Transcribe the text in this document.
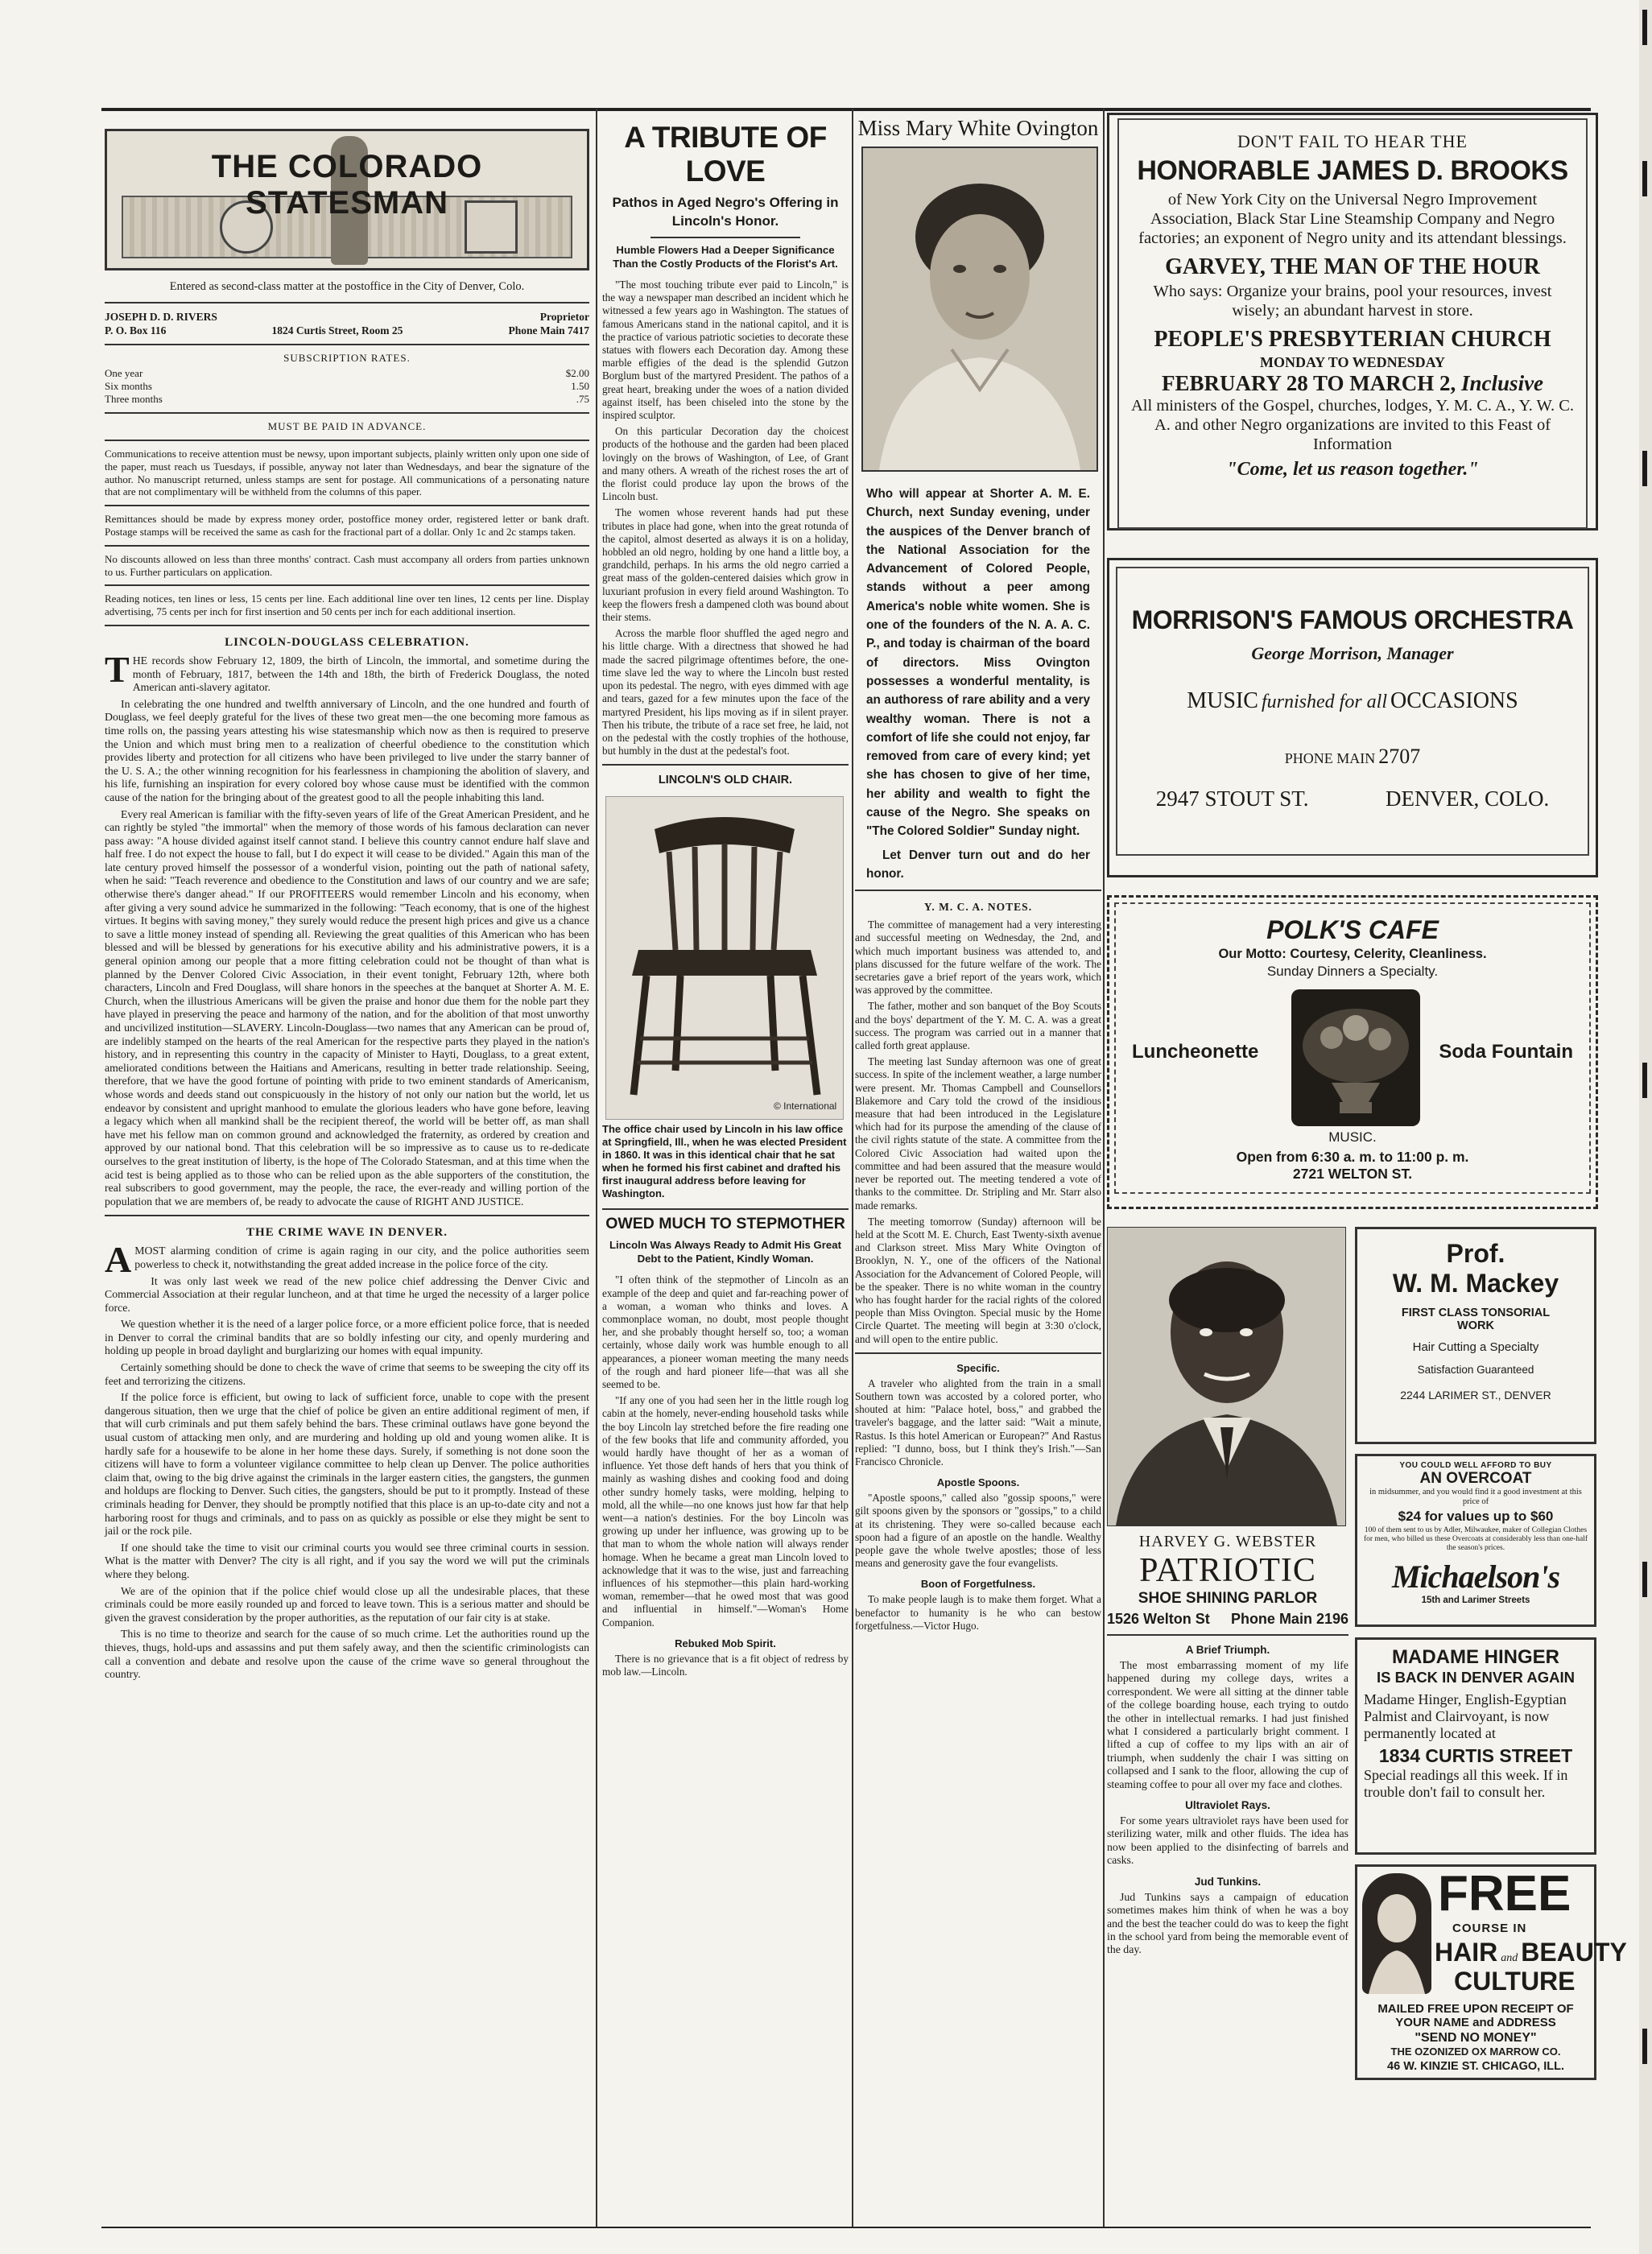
THE COLORADO STATESMAN
Entered as second-class matter at the postoffice in the City of Denver, Colo.
JOSEPH D. D. RIVERS	Proprietor
P. O. Box 116	1824 Curtis Street, Room 25	Phone Main 7417
SUBSCRIPTION RATES.
One year	$2.00
Six months	1.50
Three months	.75
MUST BE PAID IN ADVANCE.

Communications to receive attention must be newsy, upon important subjects, plainly written only upon one side of the paper, must reach us Tuesdays, if possible, anyway not later than Wednesdays, and bear the signature of the author. No manuscript returned, unless stamps are sent for postage. All communications of a personating nature that are not complimentary will be withheld from the columns of this paper.

Remittances should be made by express money order, postoffice money order, registered letter or bank draft. Postage stamps will be received the same as cash for the fractional part of a dollar. Only 1c and 2c stamps taken.

No discounts allowed on less than three months' contract. Cash must accompany all orders from parties unknown to us. Further particulars on application.

Reading notices, ten lines or less, 15 cents per line. Each additional line over ten lines, 12 cents per line. Display advertising, 75 cents per inch for first insertion and 50 cents per inch for each additional insertion.

LINCOLN-DOUGLASS CELEBRATION.

THE records show February 12, 1809, the birth of Lincoln, the immortal, and sometime during the month of February, 1817, between the 14th and 18th, the birth of Frederick Douglass, the noted American anti-slavery agitator.

In celebrating the one hundred and twelfth anniversary of Lincoln, and the one hundred and fourth of Douglass, we feel deeply grateful for the lives of these two great men—the one becoming more famous as time rolls on, the passing years attesting his wise statesmanship which now as then is required to preserve the Union and which must bring men to a realization of cheerful obedience to the constitution which provides liberty and protection for all citizens who have been privileged to live under the starry banner of the U. S. A.; the other winning recognition for his fearlessness in championing the abolition of slavery, and his life, furnishing an inspiration for every colored boy whose cause must be identified with the common cause of the nation for the bringing about of the greatest good to all the people inhabiting this land.

Every real American is familiar with the fifty-seven years of life of the Great American President, and he can rightly be styled "the immortal" when the memory of those words of his famous declaration can never pass away: "A house divided against itself cannot stand. I believe this country cannot endure half slave and half free. I do not expect the house to fall, but I do expect it will cease to be divided." Again this man of the late century proved himself the possessor of a wonderful vision, pointing out the path of national safety, when he said: "Teach reverence and obedience to the Constitution and laws of our country and we are safe; otherwise there's danger ahead." If our PROFITEERS would remember Lincoln and his economy, when after giving a very sound advice he summarized in the following: "Teach economy, that is one of the highest virtues. It begins with saving money," they surely would reduce the present high prices and give us a chance to save a little money instead of spending all. Reviewing the great qualities of this American who has been blessed and will be blessed by generations for his executive ability and his administrative powers, it is a general opinion among our people that a more fitting celebration could not be thought of than what is planned by the Denver Colored Civic Association, in their event tonight, February 12th, where both characters, Lincoln and Fred Douglass, will share honors in the speeches at the banquet at Shorter A. M. E. Church, when the illustrious Americans will be given the praise and honor due them for the noble part they have played in preserving the peace and harmony of the nation, and for the abolition of that most unworthy and uncivilized institution—SLAVERY. Lincoln-Douglass—two names that any American can be proud of, are indelibly stamped on the hearts of the real American for the respective parts they played in the nation's history, and in representing this country in the capacity of Minister to Hayti, Douglass, to a great extent, ameliorated conditions between the Haitians and Americans, resulting in better trade relationship. Seeing, therefore, that we have the good fortune of pointing with pride to two eminent standards of Americanism, whose words and deeds stand out conspicuously in the history of not only our nation but the world, let us endeavor by consistent and upright manhood to emulate the glorious leaders who have gone before, leaving a legacy which when all mankind shall be the recipient thereof, the world will be better off, as man shall have met his fellow man on common ground and acknowledged the fraternity, as ordered by creation and approved by our national bond. That this celebration will be so impressive as to cause us to re-dedicate ourselves to the great institution of liberty, is the hope of The Colorado Statesman, and at this time when the acid test is being applied as to those who can be relied upon as the able supporters of the constitution, the real subscribers to good government, may the people, the race, the ever-ready and willing portion of the population that we are members of, be ready to advocate the cause of RIGHT AND JUSTICE.

THE CRIME WAVE IN DENVER.

AMOST alarming condition of crime is again raging in our city, and the police authorities seem powerless to check it, notwithstanding the great added increase in the police force of the city.

It was only last week we read of the new police chief addressing the Denver Civic and Commercial Association at their regular luncheon, and at that time he urged the necessity of a larger police force.

We question whether it is the need of a larger police force, or a more efficient police force, that is needed in Denver to corral the criminal bandits that are so boldly infesting our city, and openly murdering and holding up people in broad daylight and burglarizing our homes with equal impunity.

Certainly something should be done to check the wave of crime that seems to be sweeping the city off its feet and terrorizing the citizens.

If the police force is efficient, but owing to lack of sufficient force, unable to cope with the present dangerous situation, then we urge that the chief of police be given an entire additional regiment of men, if that will curb criminals and put them safely behind the bars. These criminal outlaws have gone beyond the usual custom of attacking men only, and are murdering and holding up old and young women alike. It is hardly safe for a housewife to be alone in her home these days. Surely, if something is not done soon the citizens will have to form a volunteer vigilance committee to help clean up Denver. The police authorities claim that, owing to the big drive against the criminals in the larger eastern cities, the gangsters, the gunmen and holdups are flocking to Denver. Such cities, the gangsters, should be put to it promptly. Instead of these criminals heading for Denver, they should be promptly notified that this place is an up-to-date city and not a harboring roost for thugs and criminals, and to pass on as quickly as possible or else they might be sent to jail or the rock pile.

If one should take the time to visit our criminal courts you would see three criminal courts in session. What is the matter with Denver? The city is all right, and if you say the word we will put the criminals where they belong.

We are of the opinion that if the police chief would close up all the undesirable places, that these criminals could be more easily rounded up and forced to leave town. This is a serious matter and should be given the gravest consideration by the proper authorities, as the reputation of our fair city is at stake.

This is no time to theorize and search for the cause of so much crime. Let the authorities round up the thieves, thugs, hold-ups and assassins and put them safely away, and then the scientific criminologists can call a convention and debate and resolve upon the cause of the crime wave so general throughout the country.

A TRIBUTE OF LOVE
Pathos in Aged Negro's Offering in Lincoln's Honor.
Humble Flowers Had a Deeper Significance Than the Costly Products of the Florist's Art.

"The most touching tribute ever paid to Lincoln," is the way a newspaper man described an incident which he witnessed a few years ago in Washington. The statues of famous Americans stand in the national capitol, and it is the practice of various patriotic societies to decorate these statues with flowers each Decoration day. Among these marble effigies of the dead is the splendid Gutzon Borglum bust of the martyred President. The pathos of a great heart, breaking under the woes of a nation divided against itself, has been chiseled into the stone by the inspired sculptor.

On this particular Decoration day the choicest products of the hothouse and the garden had been placed lovingly on the brows of Washington, of Lee, of Grant and many others. A wreath of the richest roses the art of the florist could produce lay upon the brows of the Lincoln bust.

The women whose reverent hands had put these tributes in place had gone, when into the great rotunda of the capitol, almost deserted as always it is on a holiday, hobbled an old negro, holding by one hand a little boy, a grandchild, perhaps. In his arms the old negro carried a great mass of the golden-centered daisies which grow in luxuriant profusion in every field around Washington. To keep the flowers fresh a dampened cloth was bound about their stems.

Across the marble floor shuffled the aged negro and his little charge. With a directness that showed he had made the sacred pilgrimage oftentimes before, the one-time slave led the way to where the Lincoln bust rested upon its pedestal. The negro, with eyes dimmed with age and tears, gazed for a few minutes upon the face of the martyred President, his lips moving as if in silent prayer. Then his tribute, the tribute of a race set free, he laid, not on the pedestal with the costly trophies of the hothouse, but humbly in the dust at the pedestal's foot.

LINCOLN'S OLD CHAIR.
© International
The office chair used by Lincoln in his law office at Springfield, Ill., when he was elected President in 1860. It was in this identical chair that he sat when he formed his first cabinet and drafted his first inaugural address before leaving for Washington.
OWED MUCH TO STEPMOTHER
Lincoln Was Always Ready to Admit His Great Debt to the Patient, Kindly Woman.

"I often think of the stepmother of Lincoln as an example of the deep and quiet and far-reaching power of a woman, a woman who thinks and loves. A commonplace woman, no doubt, most people thought her, and she probably thought herself so, too; a woman certainly, whose daily work was humble enough to all appearances, a pioneer woman meeting the many needs of the rough and hard pioneer life—that was all she seemed to be.

"If any one of you had seen her in the little rough log cabin at the homely, never-ending household tasks while the boy Lincoln lay stretched before the fire reading one of the few books that life and community afforded, you would hardly have thought of her as a woman of influence. Yet those deft hands of hers that you think of mainly as washing dishes and cooking food and doing other sundry homely tasks, were molding, helping to mold, all the while—no one knows just how far that help went—a nation's destinies. For the boy Lincoln was growing up under her influence, was growing up to be that man to whom the whole nation will always render homage. When he became a great man Lincoln loved to acknowledge that it was to the wise, just and farreaching influences of his stepmother—this plain hard-working woman, remember—that he owed most that was good and influential in himself."—Woman's Home Companion.

Rebuked Mob Spirit.

There is no grievance that is a fit object of redress by mob law.—Lincoln.

Miss Mary White Ovington
Who will appear at Shorter A. M. E. Church, next Sunday evening, under the auspices of the Denver branch of the National Association for the Advancement of Colored People, stands without a peer among America's noble white women. She is one of the founders of the N. A. A. C. P., and today is chairman of the board of directors. Miss Ovington possesses a wonderful mentality, is an authoress of rare ability and a very wealthy woman. There is not a comfort of life she could not enjoy, far removed from care of every kind; yet she has chosen to give of her time, her ability and wealth to fight the cause of the Negro. She speaks on "The Colored Soldier" Sunday night.
Let Denver turn out and do her honor.
Y. M. C. A. NOTES.

The committee of management had a very interesting and successful meeting on Wednesday, the 2nd, and which much important business was attended to, and plans discussed for the future welfare of the work. The secretaries gave a brief report of the years work, which was approved by the committee.

The father, mother and son banquet of the Boy Scouts and the boys' department of the Y. M. C. A. was a great success. The program was carried out in a manner that called forth great applause.

The meeting last Sunday afternoon was one of great success. In spite of the inclement weather, a large number were present. Mr. Thomas Campbell and Counsellors Blakemore and Cary told the crowd of the insidious measure that had been introduced in the Legislature which had for its purpose the amending of the clause of the civil rights statute of the state. A committee from the Colored Civic Association had waited upon the committee and had been assured that the measure would never be reported out. The meeting tendered a vote of thanks to the committee. Dr. Stripling and Mr. Starr also made remarks.

The meeting tomorrow (Sunday) afternoon will be held at the Scott M. E. Church, East Twenty-sixth avenue and Clarkson street. Miss Mary White Ovington of Brooklyn, N. Y., one of the officers of the National Association for the Advancement of Colored People, will be the speaker. There is no white woman in the country who has fought harder for the racial rights of the colored people than Miss Ovington. Special music by the Home Circle Quartet. The meeting will begin at 3:30 o'clock, and will open to the entire public.

Specific.

A traveler who alighted from the train in a small Southern town was accosted by a colored porter, who shouted at him: "Palace hotel, boss," and grabbed the traveler's baggage, and the latter said: "Wait a minute, Rastus. Is this hotel American or European?" And Rastus replied: "I dunno, boss, but I think they's Irish."—San Francisco Chronicle.

Apostle Spoons.

"Apostle spoons," called also "gossip spoons," were gilt spoons given by the sponsors or "gossips," to a child at its christening. They were so-called because each spoon had a figure of an apostle on the handle. Wealthy people gave the whole twelve apostles; those of less means and generosity gave the four evangelists.

Boon of Forgetfulness.

To make people laugh is to make them forget. What a benefactor to humanity is he who can bestow forgetfulness.—Victor Hugo.

DON'T FAIL TO HEAR THE
HONORABLE JAMES D. BROOKS
of New York City on the Universal Negro Improvement Association, Black Star Line Steamship Company and Negro factories; an exponent of Negro unity and its attendant blessings.
GARVEY, THE MAN OF THE HOUR
Who says: Organize your brains, pool your resources, invest wisely; an abundant harvest in store.
PEOPLE'S PRESBYTERIAN CHURCH
MONDAY TO WEDNESDAY
FEBRUARY 28 TO MARCH 2, Inclusive
All ministers of the Gospel, churches, lodges, Y. M. C. A., Y. W. C. A. and other Negro organizations are invited to this Feast of Information
"Come, let us reason together."
MORRISON'S FAMOUS ORCHESTRA
George Morrison, Manager
MUSIC furnished for all OCCASIONS
PHONE MAIN 2707
2947 STOUT ST.	DENVER, COLO.
POLK'S CAFE
Our Motto: Courtesy, Celerity, Cleanliness.
Sunday Dinners a Specialty.
Luncheonette	Soda Fountain
MUSIC.
Open from 6:30 a. m. to 11:00 p. m.
2721 WELTON ST.
HARVEY G. WEBSTER
PATRIOTIC
SHOE SHINING PARLOR
1526 Welton St Phone Main 2196
A Brief Triumph.

The most embarrassing moment of my life happened during my college days, writes a correspondent. We were all sitting at the dinner table of the college boarding house, each trying to outdo the other in intellectual remarks. I had just finished what I considered a particularly bright comment. I lifted a cup of coffee to my lips with an air of triumph, when suddenly the chair I was sitting on collapsed and I sank to the floor, allowing the cup of steaming coffee to pour all over my face and clothes.

Ultraviolet Rays.

For some years ultraviolet rays have been used for sterilizing water, milk and other fluids. The idea has now been applied to the disinfecting of barrels and casks.

Jud Tunkins.

Jud Tunkins says a campaign of education sometimes makes him think of when he was a boy and the best the teacher could do was to keep the fight in the school yard from being the memorable event of the day.

Prof.
W. M. Mackey
FIRST CLASS TONSORIAL
WORK
Hair Cutting a Specialty
Satisfaction Guaranteed
2244 LARIMER ST., DENVER
YOU COULD WELL AFFORD TO BUY
AN OVERCOAT
in midsummer, and you would find it a good investment at this price of
$24 for values up to $60
100 of them sent to us by Adler, Milwaukee, maker of Collegian Clothes for men, who billed us these Overcoats at considerably less than one-half the season's prices.
Michaelson's
15th and Larimer Streets
MADAME HINGER
IS BACK IN DENVER AGAIN
Madame Hinger, English-Egyptian Palmist and Clairvoyant, is now permanently located at
1834 CURTIS STREET
Special readings all this week. If in trouble don't fail to consult her.
FREE
COURSE IN
HAIR and BEAUTY
CULTURE
MAILED FREE UPON RECEIPT OF YOUR NAME and ADDRESS
"SEND NO MONEY"
THE OZONIZED OX MARROW CO.
46 W. KINZIE ST. CHICAGO, ILL.
